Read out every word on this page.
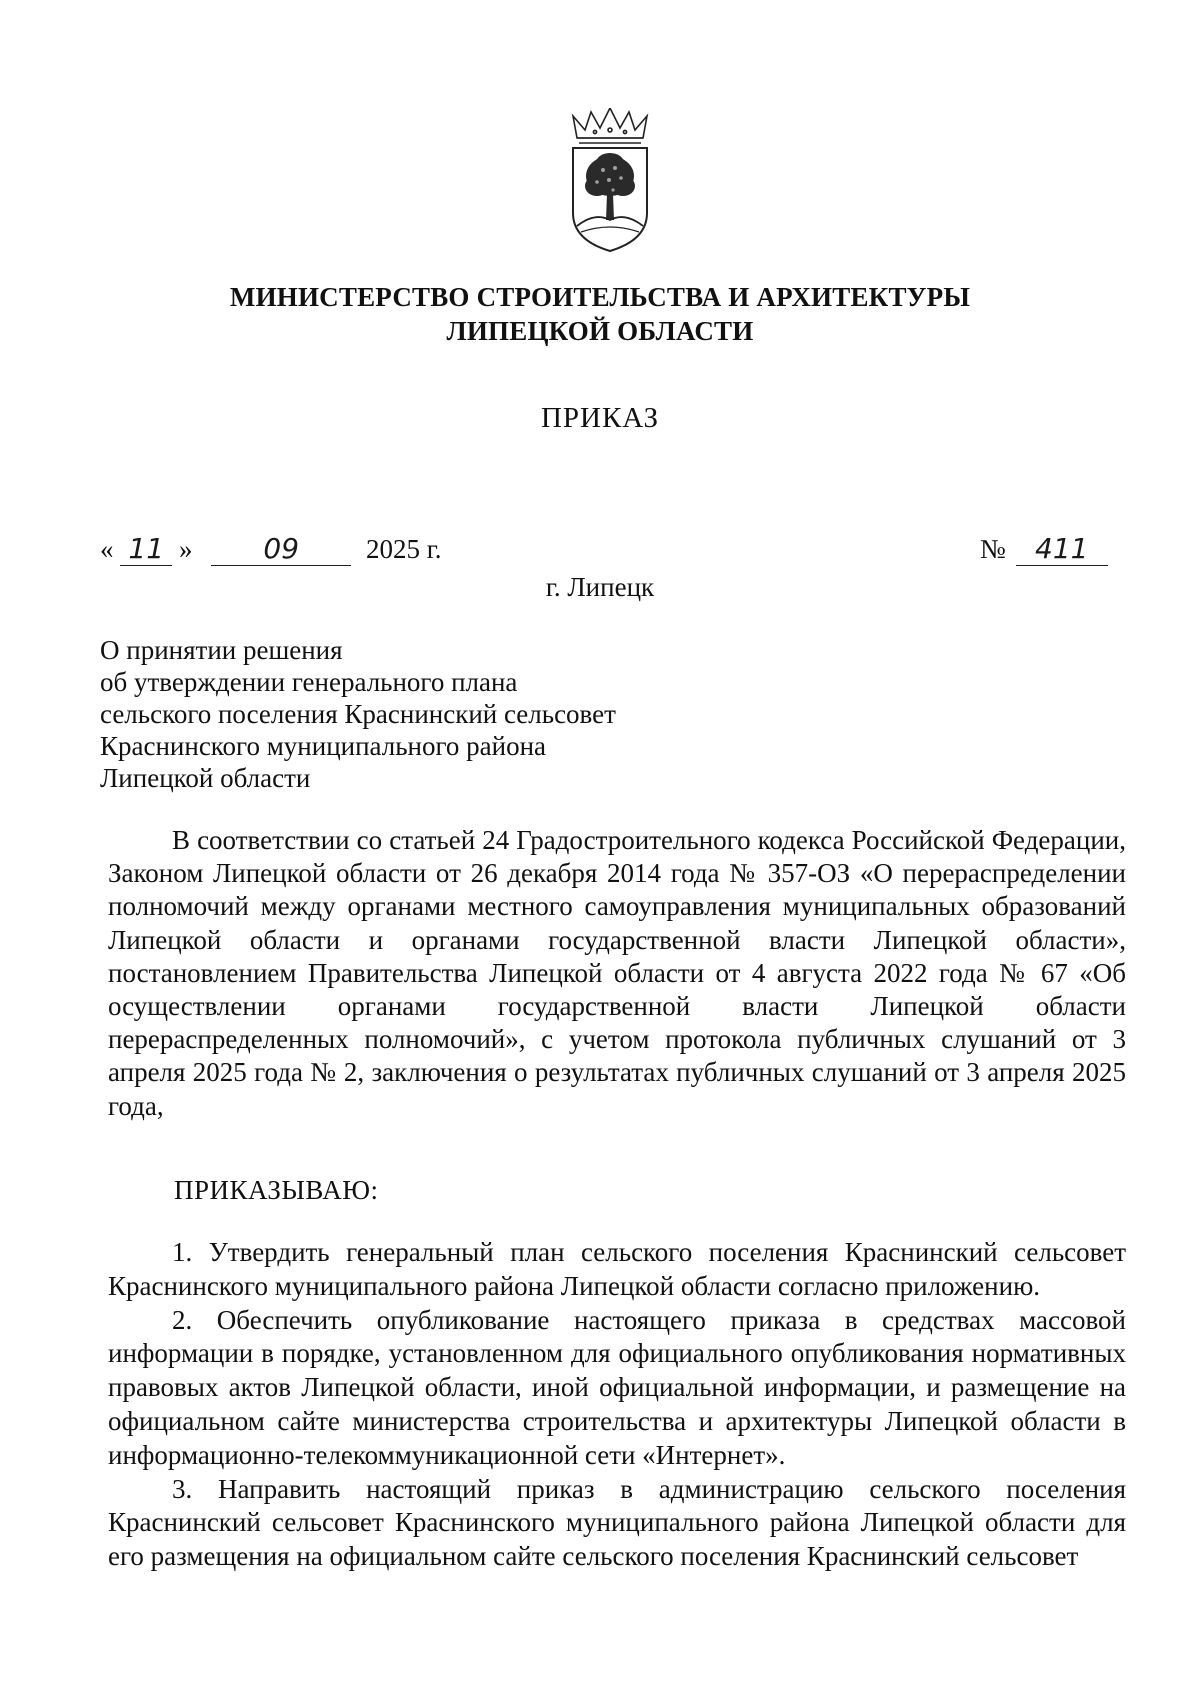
МИНИСТЕРСТВО СТРОИТЕЛЬСТВА И АРХИТЕКТУРЫ
ЛИПЕЦКОЙ ОБЛАСТИ
ПРИКАЗ
« 11 »	09 2025 г.	№ 411
г. Липецк
О принятии решения
об утверждении генерального плана
сельского поселения Краснинский сельсовет
Краснинского муниципального района
Липецкой области
В соответствии со статьей 24 Градостроительного кодекса Российской Федерации, Законом Липецкой области от 26 декабря 2014 года № 357-ОЗ «О перераспределении полномочий между органами местного самоуправления муниципальных образований Липецкой области и органами государственной власти Липецкой области», постановлением Правительства Липецкой области от 4 августа 2022 года № 67 «Об осуществлении органами государственной власти Липецкой области перераспределенных полномочий», с учетом протокола публичных слушаний от 3 апреля 2025 года № 2, заключения о результатах публичных слушаний от 3 апреля 2025 года,
ПРИКАЗЫВАЮ:

1. Утвердить генеральный план сельского поселения Краснинский сельсовет Краснинского муниципального района Липецкой области согласно приложению.

2. Обеспечить опубликование настоящего приказа в средствах массовой информации в порядке, установленном для официального опубликования нормативных правовых актов Липецкой области, иной официальной информации, и размещение на официальном сайте министерства строительства и архитектуры Липецкой области в информационно-телекоммуникационной сети «Интернет».

3. Направить настоящий приказ в администрацию сельского поселения Краснинский сельсовет Краснинского муниципального района Липецкой области для его размещения на официальном сайте сельского поселения Краснинский сельсовет
